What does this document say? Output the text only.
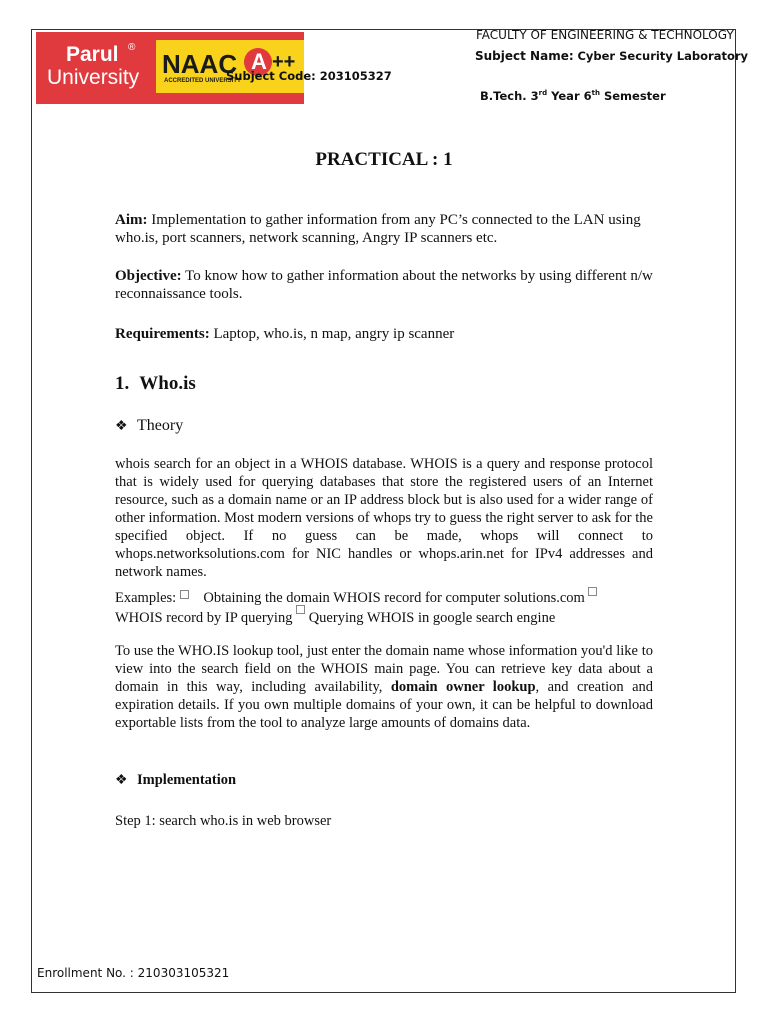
Parul ®
University NAAC
ACCREDITED UNIVERSITY
A ++
Subject Code: 203105327
FACULTY OF ENGINEERING & TECHNOLOGY
Subject Name: Cyber Security Laboratory
B.Tech. 3rd Year 6th Semester
PRACTICAL : 1
Aim: Implementation to gather information from any PC’s connected to the LAN using who.is, port scanners, network scanning, Angry IP scanners etc.
Objective: To know how to gather information about the networks by using different n/w reconnaissance tools.
Requirements: Laptop, who.is, n map, angry ip scanner
1. Who.is
❖ Theory
whois search for an object in a WHOIS database. WHOIS is a query and response protocol that is widely used for querying databases that store the registered users of an Internet resource, such as a domain name or an IP address block but is also used for a wider range of other information. Most modern versions of whops try to guess the right server to ask for the specified object. If no guess can be made, whops will connect to whops.networksolutions.com for NIC handles or whops.arin.net for IPv4 addresses and network names.
Examples: Obtaining the domain WHOIS record for computer solutions.com
WHOIS record by IP querying Querying WHOIS in google search engine
To use the WHO.IS lookup tool, just enter the domain name whose information you'd like to view into the search field on the WHOIS main page. You can retrieve key data about a domain in this way, including availability, domain owner lookup, and creation and expiration details. If you own multiple domains of your own, it can be helpful to download exportable lists from the tool to analyze large amounts of domains data.
❖ Implementation
Step 1: search who.is in web browser
Enrollment No. : 210303105321
